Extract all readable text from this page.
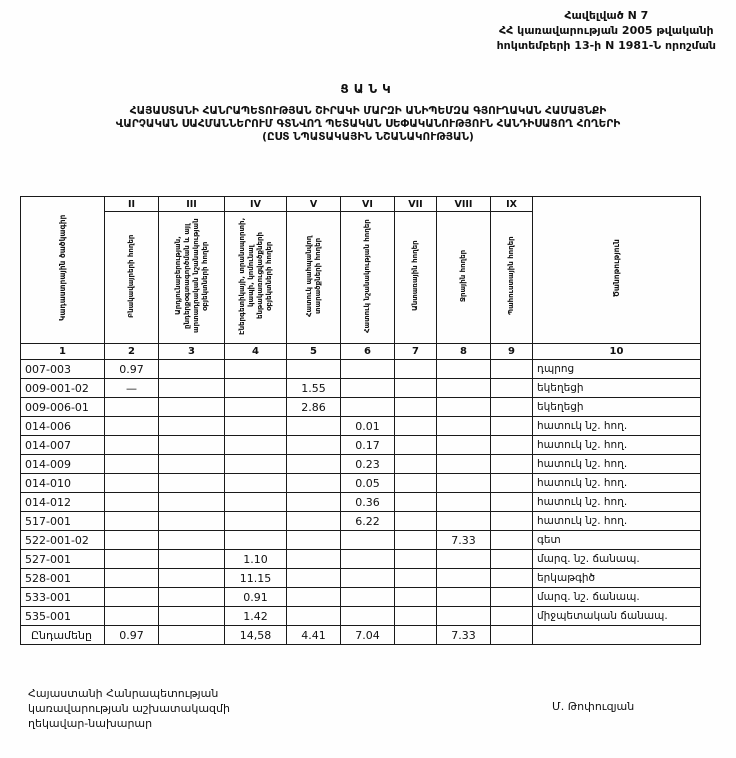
Հավելված N 7
ՀՀ կառավարության 2005 թվականի
հոկտեմբերի 13-ի N 1981-Ն որոշման
ՑԱՆԿ
ՀԱՅԱՍՏԱՆԻ ՀԱՆՐԱՊԵՏՈՒԹՅԱՆ ՇԻՐԱԿԻ ՄԱՐԶԻ ԱՆԻՊԵՄԶԱ ԳՅՈՒՂԱԿԱՆ ՀԱՄԱՅՆՔԻ
ՎԱՐՉԱԿԱՆ ՍԱՀՄԱՆՆԵՐՈՒՄ ԳՏՆՎՈՂ ՊԵՏԱԿԱՆ ՍԵՓԱԿԱՆՈՒԹՅՈՒՆ ՀԱՆԴԻՍԱՑՈՂ ՀՈՂԵՐԻ
(ԸՍՏ ՆՊԱՏԱԿԱՅԻՆ ՆՇԱՆԱԿՈՒԹՅԱՆ)
Կադաստրային ծածկագիր	II	III	IV	V	VI	VII	VIII	IX	Ծանոթություն
	Բնակավայրերի հողեր	Արդյունաբերության, ընդերքօգտագործման և այլ արտադրական նշանակության օբյեկտների հողեր	Էներգետիկայի, տրանսպորտի, կապի, կոմունալ ենթակառուցվածքների օբյեկտների հողեր	Հատուկ պահպանվող տարածքների հողեր	Հատուկ նշանակության հողեր	Անտառային հողեր	Ջրային հողեր	Պահուստային հողեր	
1	2	3	4	5	6	7	8	9	10
007-003	0.97								դպրոց
009-001-02	—			1.55					եկեղեցի
009-006-01				2.86					եկեղեցի
014-006					0.01				հատուկ նշ. հող.
014-007					0.17				հատուկ նշ. հող.
014-009					0.23				հատուկ նշ. հող.
014-010					0.05				հատուկ նշ. հող.
014-012					0.36				հատուկ նշ. հող.
517-001					6.22				հատուկ նշ. հող.
522-001-02							7.33		գետ
527-001			1.10						մարզ. նշ. ճանապ.
528-001			11.15						երկաթգիծ
533-001			0.91						մարզ. նշ. ճանապ.
535-001			1.42						միջպետական ճանապ.
Ընդամենը	0.97		14,58	4.41	7.04		7.33		
Հայաստանի Հանրապետության
կառավարության աշխատակազմի
ղեկավար-նախարար
Մ. Թոփուզյան
